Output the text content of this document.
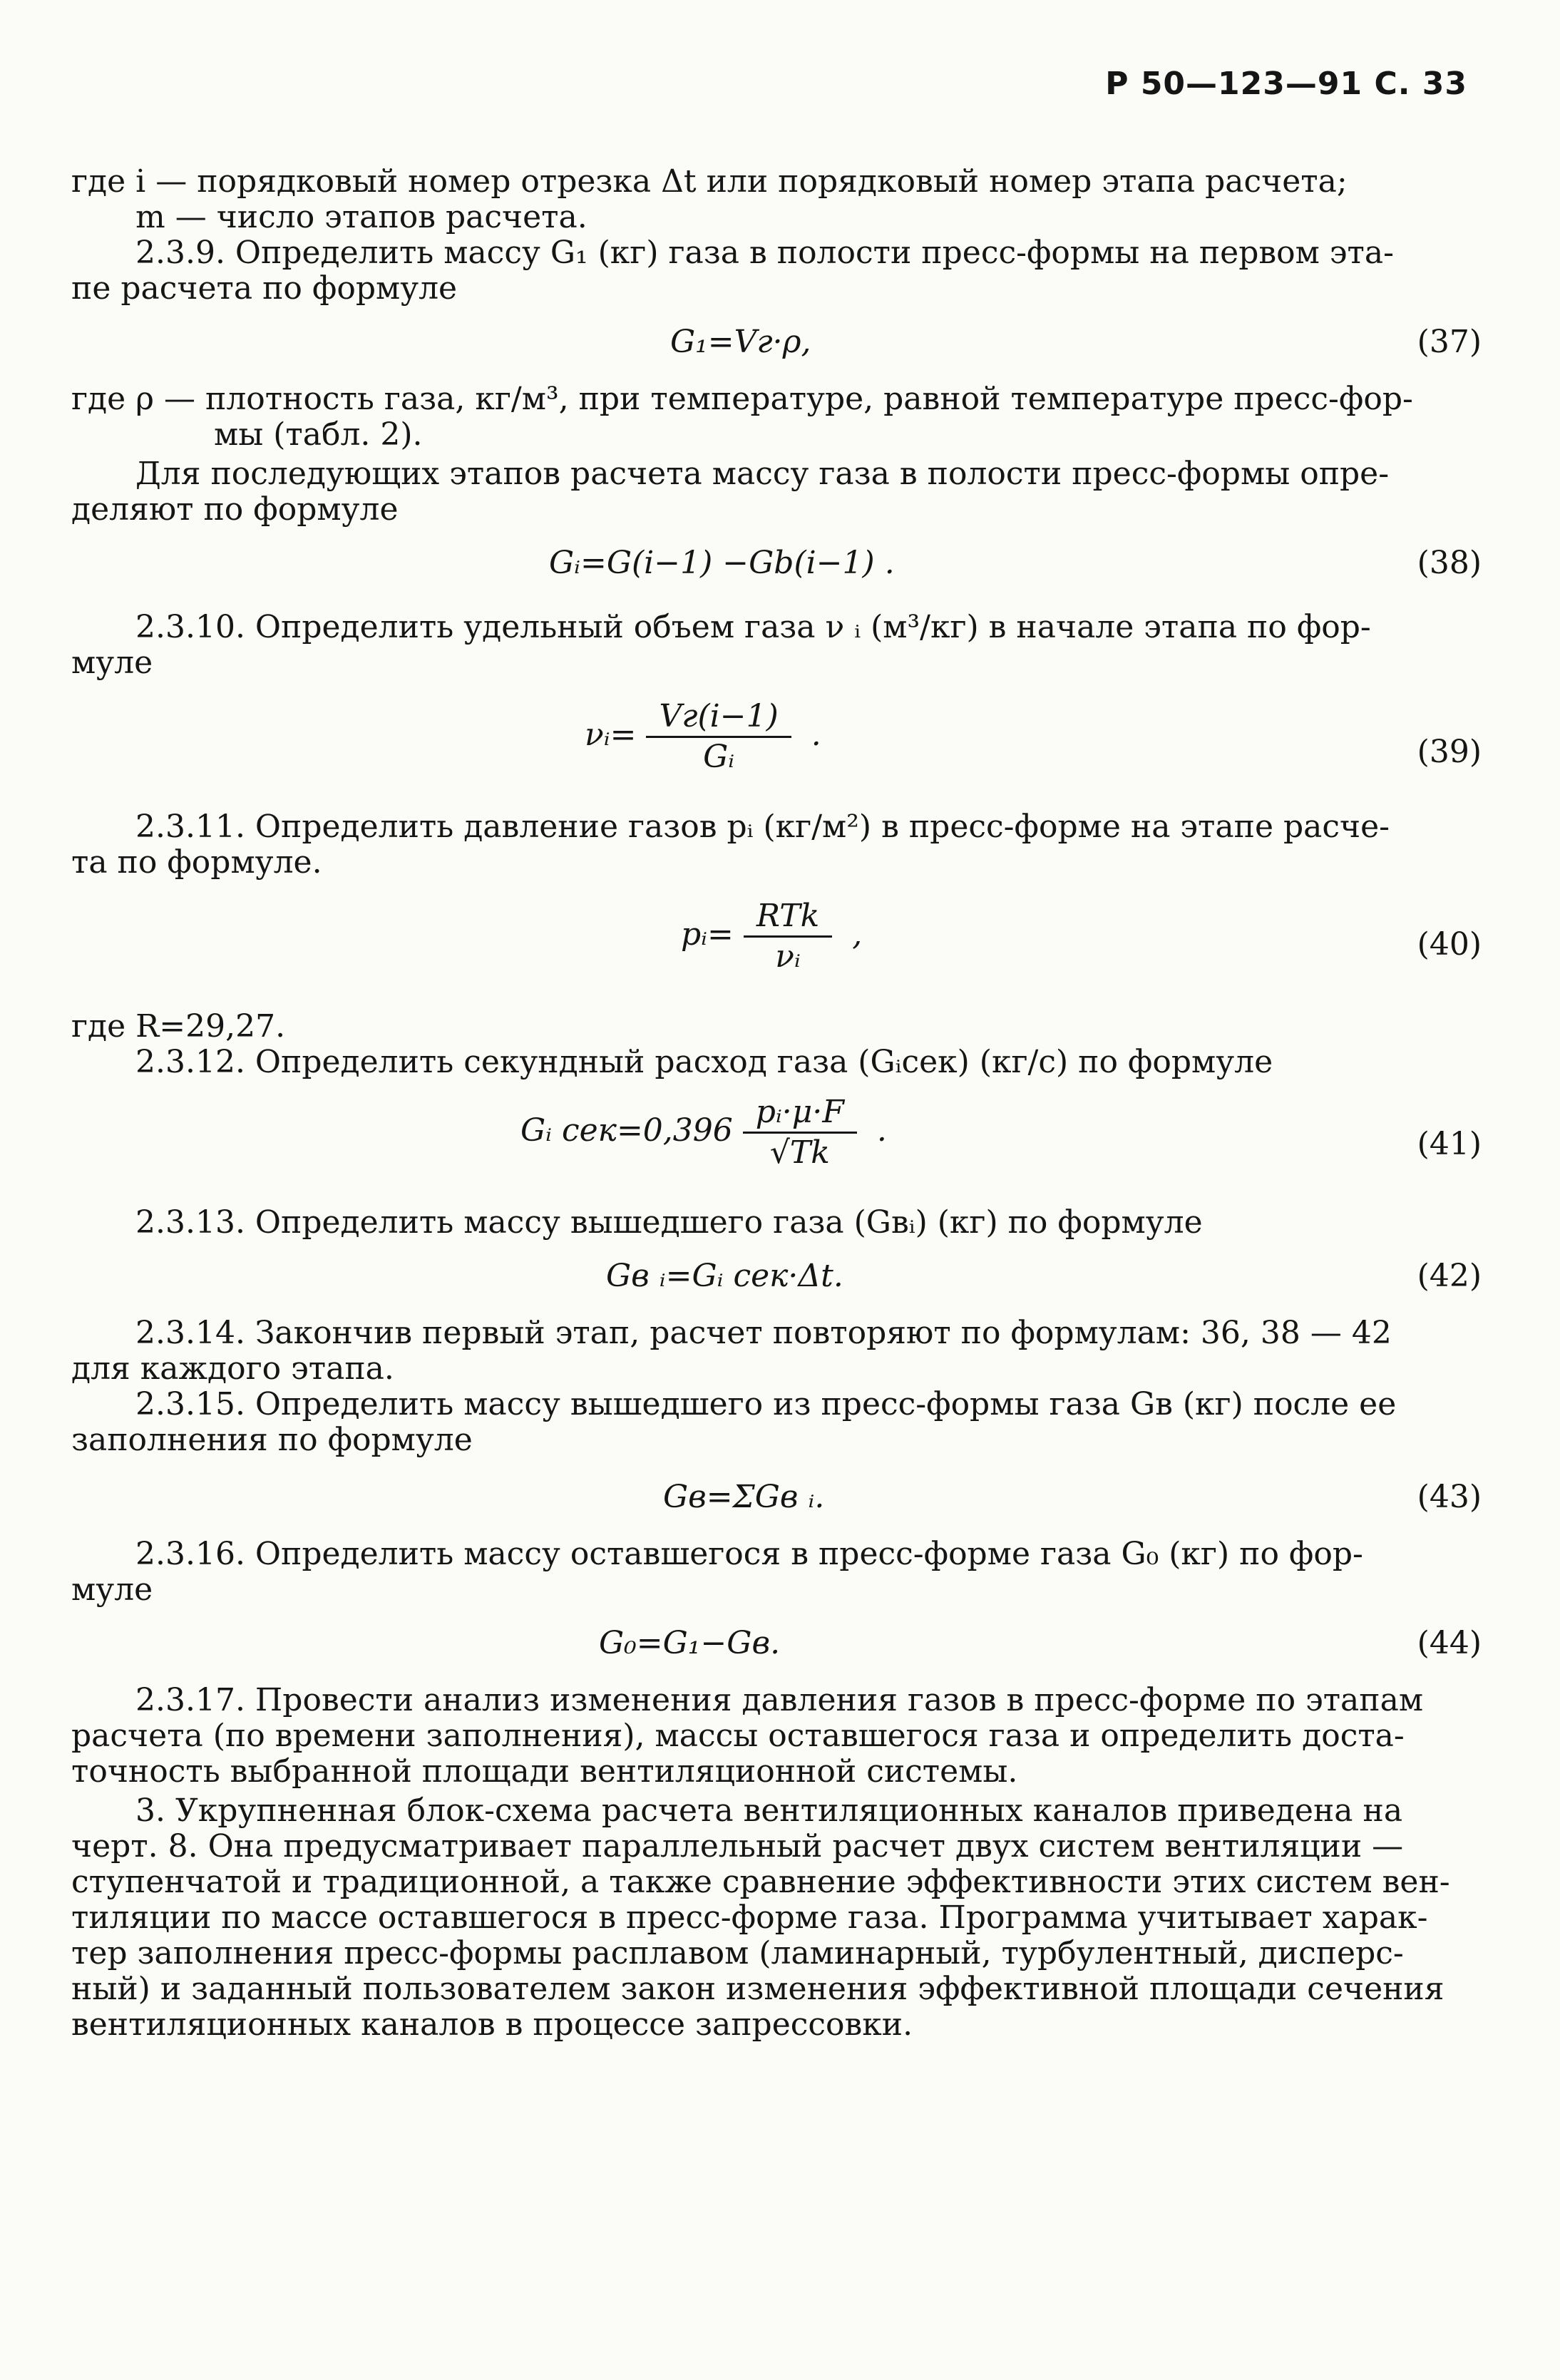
Р 50—123—91 С. 33
где i — порядковый номер отрезка Δt или порядковый номер этапа расчета;
m — число этапов расчета.
2.3.9. Определить массу G₁ (кг) газа в полости пресс-формы на первом эта-
пе расчета по формуле
G₁=Vг·ρ,	(37)
где ρ — плотность газа, кг/м³, при температуре, равной температуре пресс-фор-
мы (табл. 2).
Для последующих этапов расчета массу газа в полости пресс-формы опре-
деляют по формуле
Gᵢ=G(i−1) −Gb(i−1) .	(38)
2.3.10. Определить удельный объем газа ν ᵢ (м³/кг) в начале этапа по фор-
муле
νᵢ= $\frac{Vг(i-1)}{\text{Gᵢ}}$ .	(39)
2.3.11. Определить давление газов pᵢ (кг/м²) в пресс-форме на этапе расче-
та по формуле.
pᵢ= $\frac{\text{RTk}}{\text{νᵢ}}$ ,	(40)
где R=29,27.
2.3.12. Определить секундный расход газа (Gᵢсек) (кг/с) по формуле
Gᵢ $сек=0,396 \frac{\text{pᵢ·μ·F}}{√Tk}$ .	(41)
2.3.13. Определить массу вышедшего газа (Gвᵢ) (кг) по формуле
Gв ᵢ=Gᵢ сек·Δt.	(42)
2.3.14. Закончив первый этап, расчет повторяют по формулам: 36, 38 — 42
для каждого этапа.
2.3.15. Определить массу вышедшего из пресс-формы газа Gв (кг) после ее
заполнения по формуле
Gв=ΣGв ᵢ.	(43)
2.3.16. Определить массу оставшегося в пресс-форме газа G₀ (кг) по фор-
муле
G₀=G₁−Gв.	(44)
2.3.17. Провести анализ изменения давления газов в пресс-форме по этапам
расчета (по времени заполнения), массы оставшегося газа и определить доста-
точность выбранной площади вентиляционной системы.
3. Укрупненная блок-схема расчета вентиляционных каналов приведена на
черт. 8. Она предусматривает параллельный расчет двух систем вентиляции —
ступенчатой и традиционной, а также сравнение эффективности этих систем вен-
тиляции по массе оставшегося в пресс-форме газа. Программа учитывает харак-
тер заполнения пресс-формы расплавом (ламинарный, турбулентный, дисперс-
ный) и заданный пользователем закон изменения эффективной площади сечения
вентиляционных каналов в процессе запрессовки.
